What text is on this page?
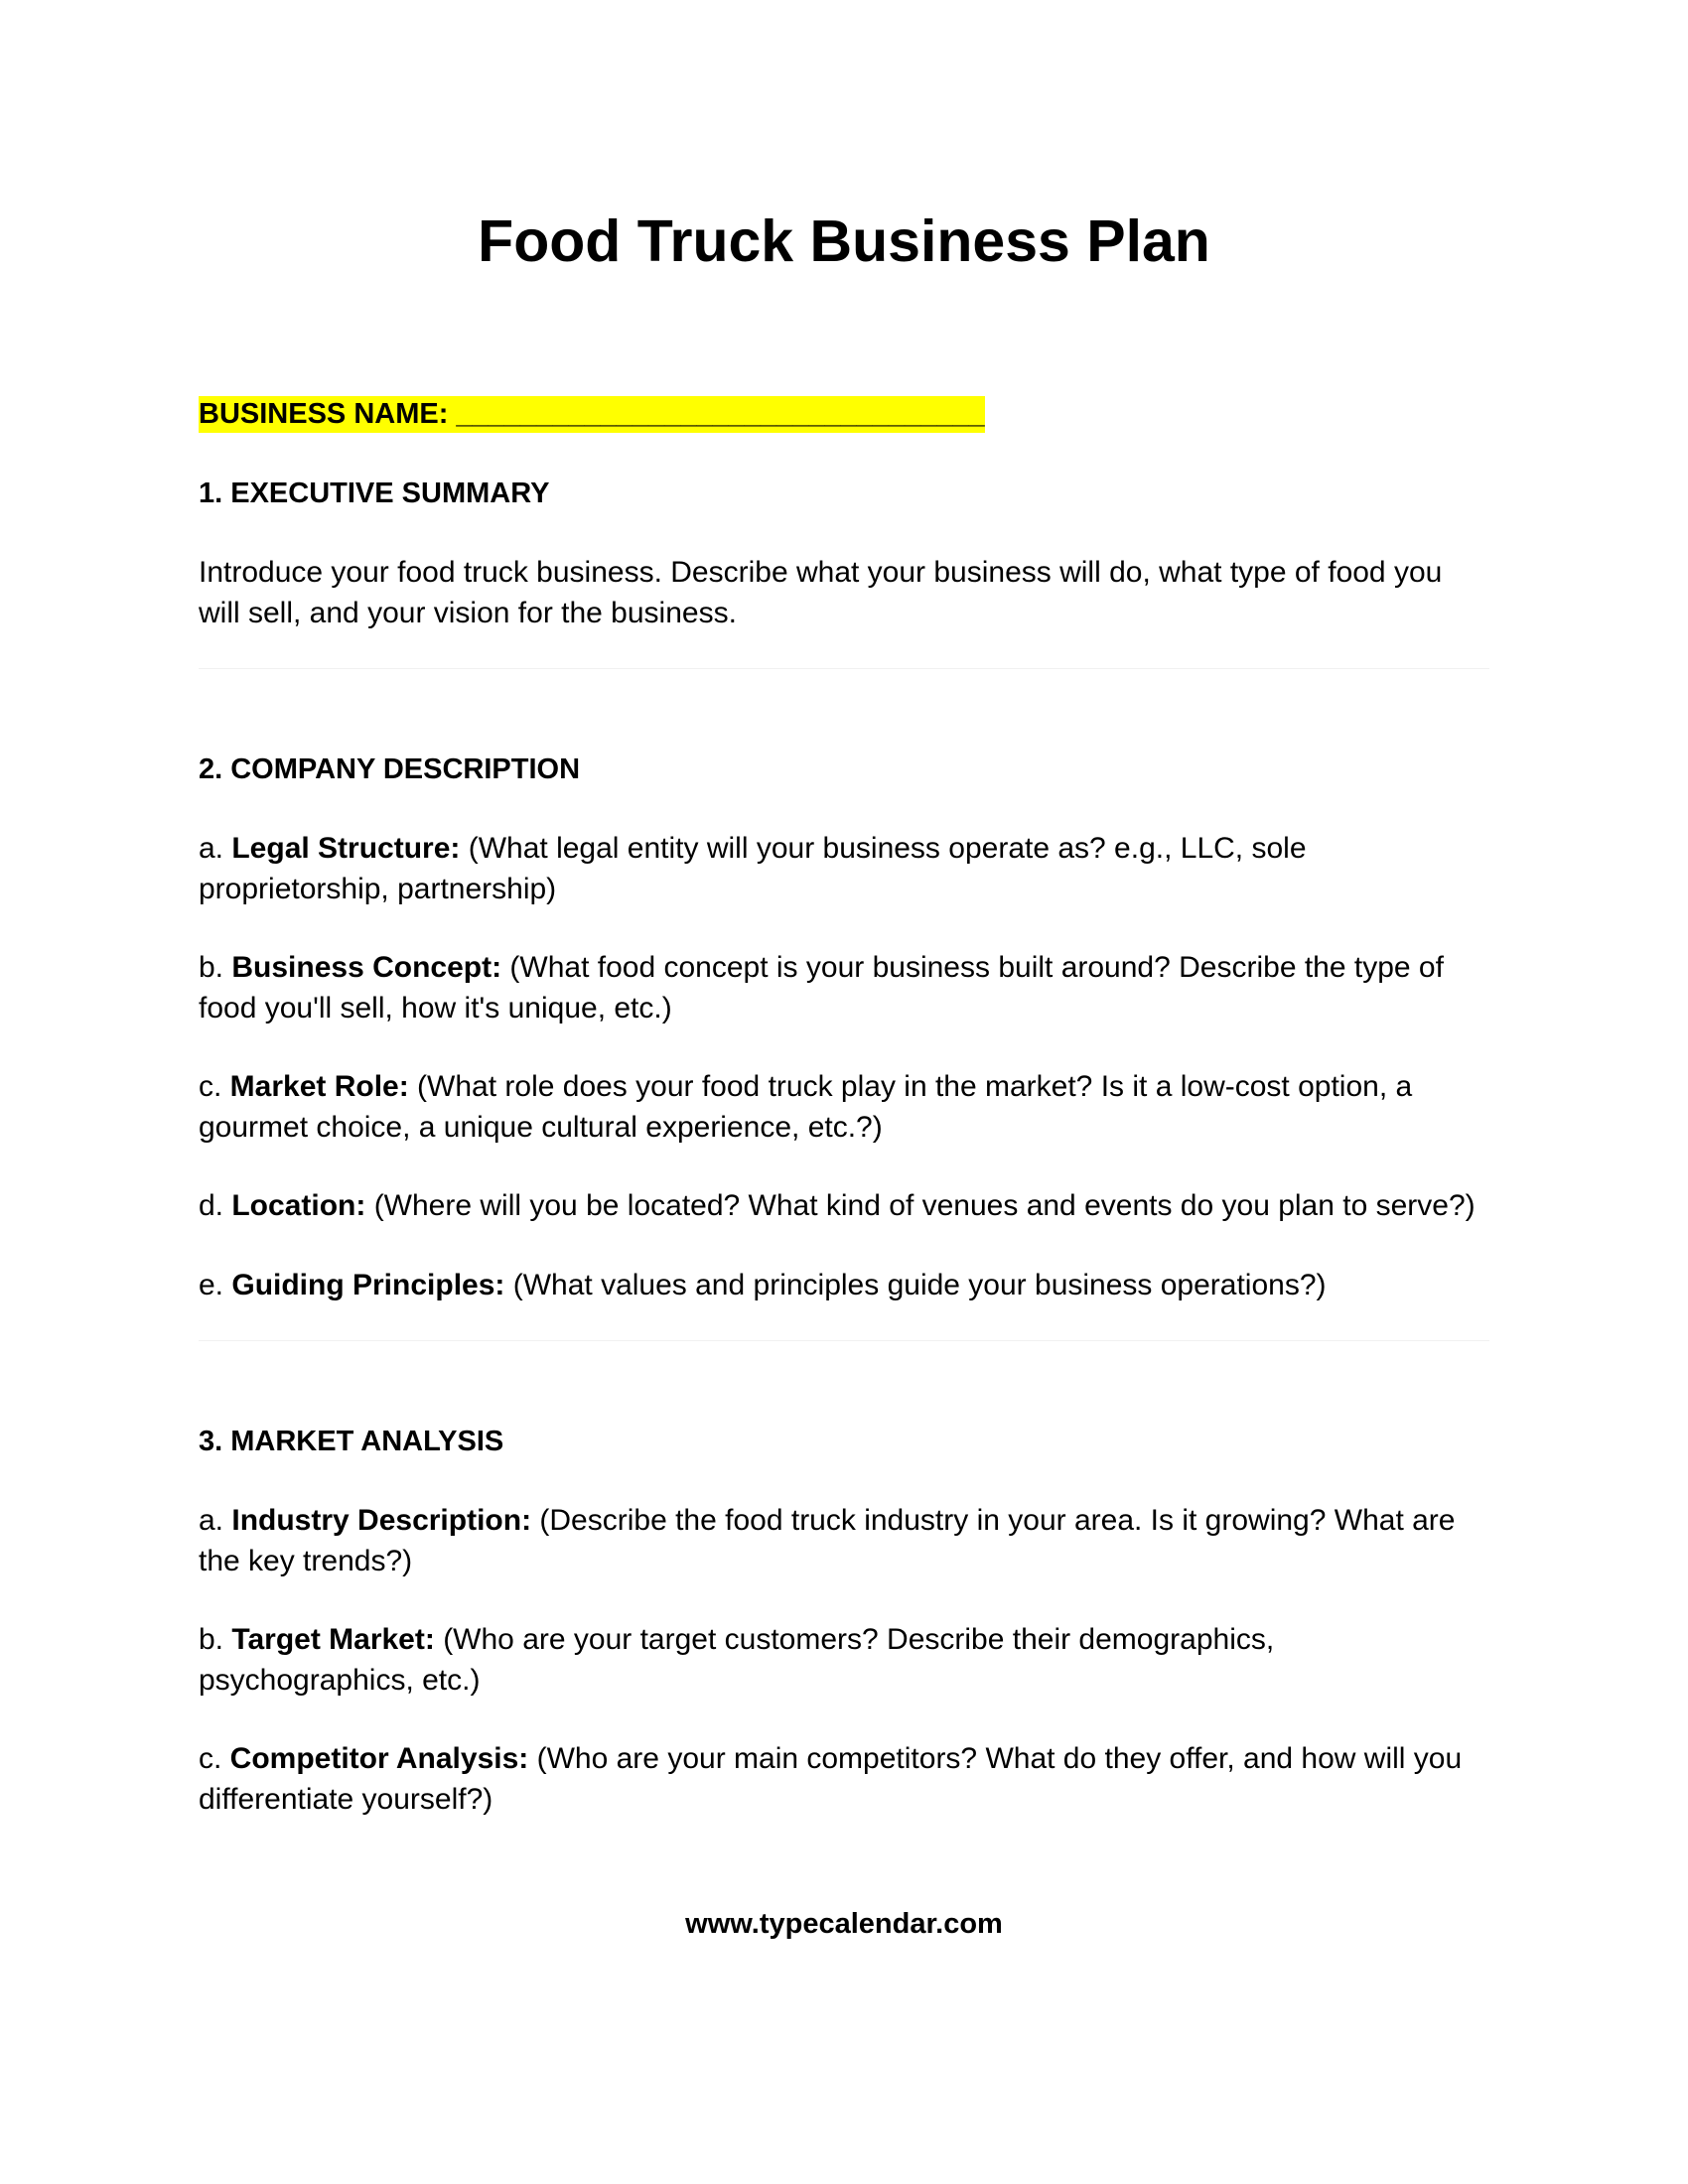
Food Truck Business Plan
BUSINESS NAME: _________________________________
1. EXECUTIVE SUMMARY
Introduce your food truck business. Describe what your business will do, what type of food you will sell, and your vision for the business.
2. COMPANY DESCRIPTION
a. Legal Structure: (What legal entity will your business operate as? e.g., LLC, sole proprietorship, partnership)
b. Business Concept: (What food concept is your business built around? Describe the type of food you'll sell, how it's unique, etc.)
c. Market Role: (What role does your food truck play in the market? Is it a low-cost option, a gourmet choice, a unique cultural experience, etc.?)
d. Location: (Where will you be located? What kind of venues and events do you plan to serve?)
e. Guiding Principles: (What values and principles guide your business operations?)
3. MARKET ANALYSIS
a. Industry Description: (Describe the food truck industry in your area. Is it growing? What are the key trends?)
b. Target Market: (Who are your target customers? Describe their demographics, psychographics, etc.)
c. Competitor Analysis: (Who are your main competitors? What do they offer, and how will you differentiate yourself?)
www.typecalendar.com
